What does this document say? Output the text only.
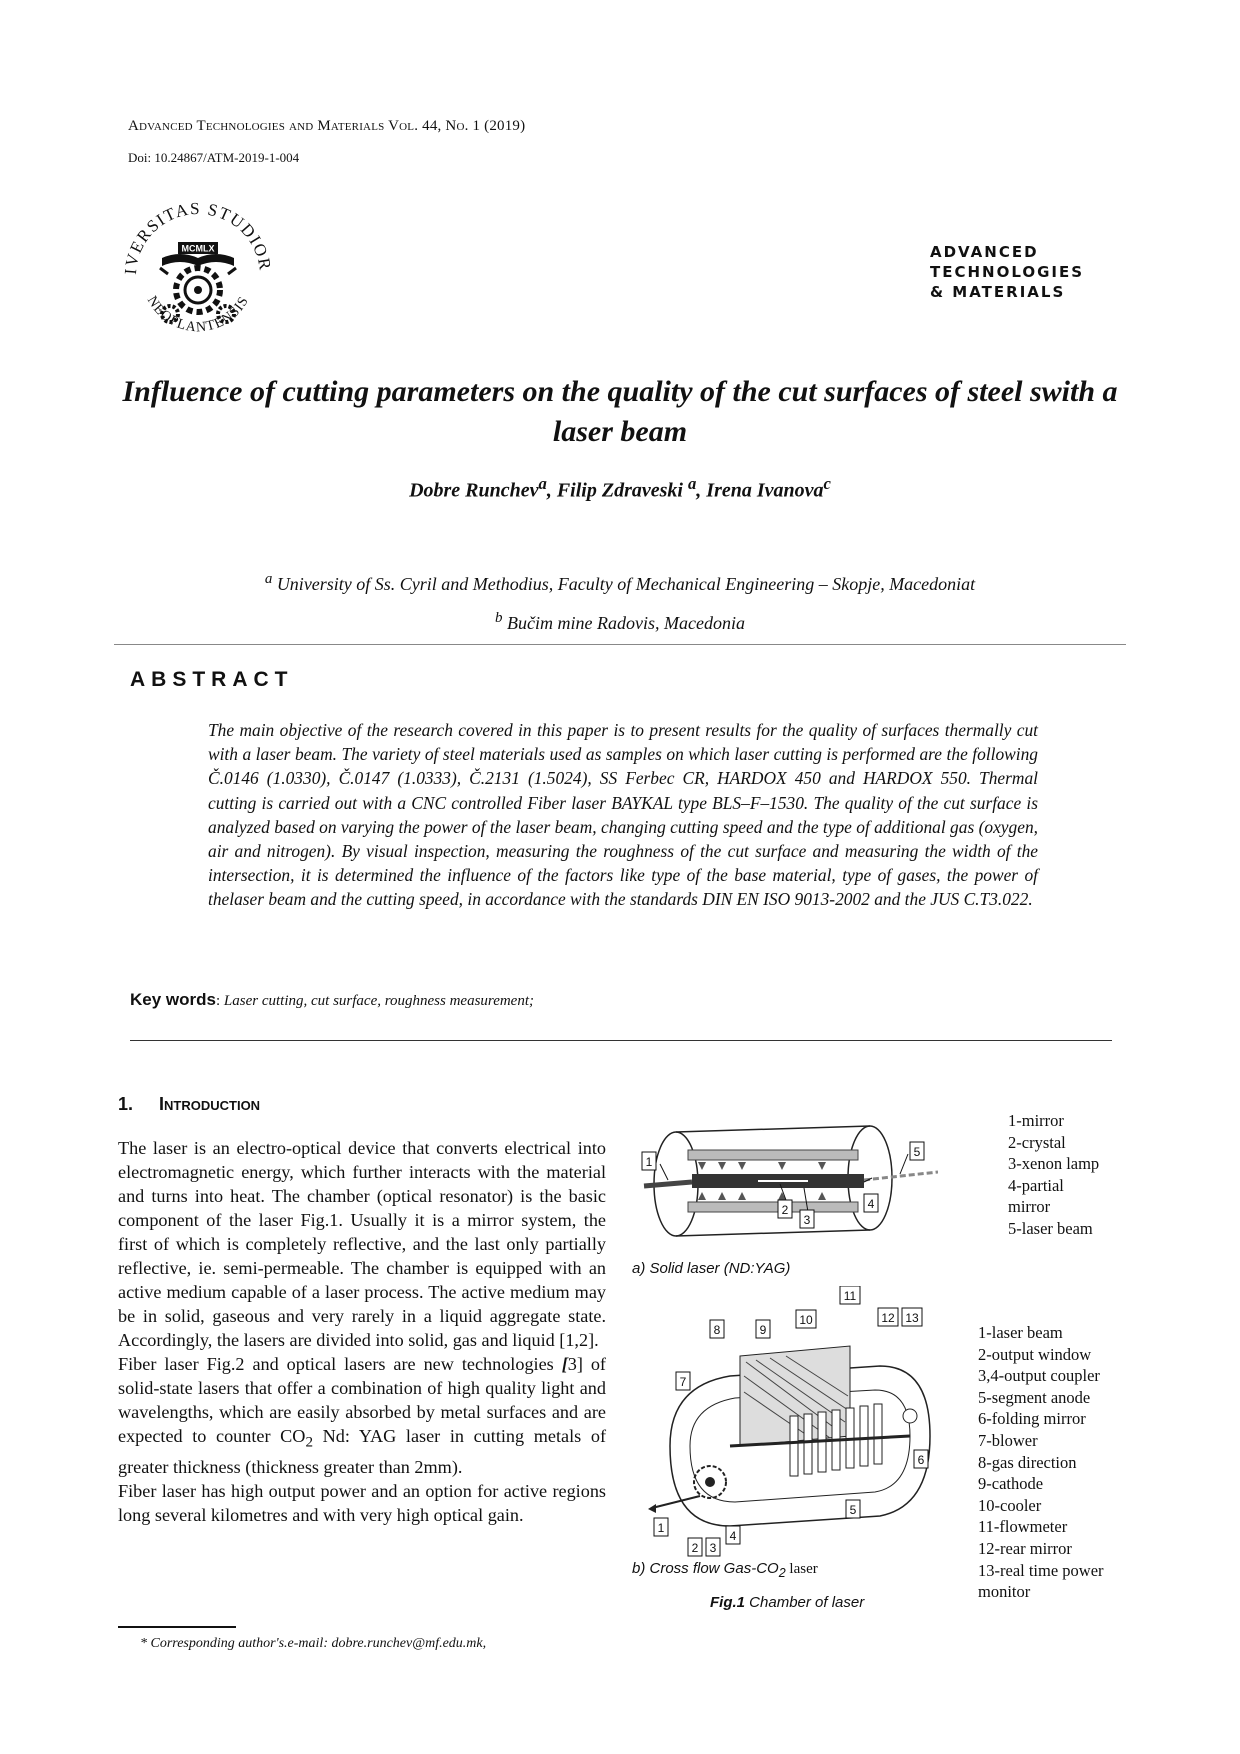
Advanced Technologies and Materials Vol. 44, No. 1 (2019)
Doi: 10.24867/ATM-2019-1-004
IVERSITAS STUDIOR
NEOPLANTENSIS
MCMLX	ADVANCED
TECHNOLOGIES
& MATERIALS
Influence of cutting parameters on the quality of the cut surfaces of steel swith a laser beam
Dobre Runchev$^a$, Filip Zdraveski $^a$, Irena Ivanova$^c$
$^a$ University of Ss. Cyril and Methodius, Faculty of Mechanical Engineering – Skopje, Macedoniat
$^b$ Bučim mine Radovis, Macedonia
ABSTRACT
The main objective of the research covered in this paper is to present results for the quality of surfaces thermally cut with a laser beam. The variety of steel materials used as samples on which laser cutting is performed are the following Č.0146 (1.0330), Č.0147 (1.0333), Č.2131 (1.5024), SS Ferbec CR, HARDOX 450 and HARDOX 550. Thermal cutting is carried out with a CNC controlled Fiber laser BAYKAL type BLS–F–1530. The quality of the cut surface is analyzed based on varying the power of the laser beam, changing cutting speed and the type of additional gas (oxygen, air and nitrogen). By visual inspection, measuring the roughness of the cut surface and measuring the width of the intersection, it is determined the influence of the factors like type of the base material, type of gases, the power of thelaser beam and the cutting speed, in accordance with the standards DIN EN ISO 9013-2002 and the JUS C.T3.022.
Key words: Laser cutting, cut surface, roughness measurement;
1. Introduction

The laser is an electro-optical device that converts electrical into electromagnetic energy, which further interacts with the material and turns into heat. The chamber (optical resonator) is the basic component of the laser Fig.1. Usually it is a mirror system, the first of which is completely reflective, and the last only partially reflective, ie. semi-permeable. The chamber is equipped with an active medium capable of a laser process. The active medium may be in solid, gaseous and very rarely in a liquid aggregate state. Accordingly, the lasers are divided into solid, gas and liquid [1,2].

Fiber laser Fig.2 and optical lasers are new technologies [3] of solid-state lasers that offer a combination of high quality light and wavelengths, which are easily absorbed by metal surfaces and are expected to counter $CO_2$ Nd: YAG laser in cutting metals of greater thickness (thickness greater than 2mm).

Fiber laser has high output power and an option for active regions long several kilometres and with very high optical gain.

1
2
3
4
5
1-mirror
2-crystal
3-xenon lamp
4-partial
mirror
5-laser beam
a) Solid laser (ND:YAG)
1
2 3
4
5
6
7
8	9
10
11
12 13
1-laser beam
2-output window
3,4-output coupler
5-segment anode
6-folding mirror
7-blower
8-gas direction
9-cathode
10-cooler
11-flowmeter
12-rear mirror
13-real time power
monitor
b) Cross flow Gas-$CO_2$ laser
Fig.1 Chamber of laser
* Corresponding author's.e-mail: dobre.runchev@mf.edu.mk,
